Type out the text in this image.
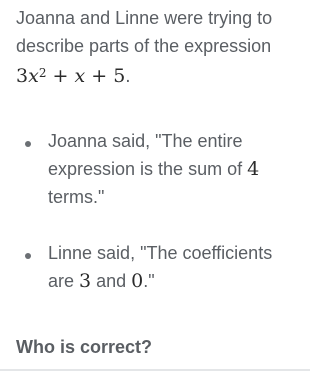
Joanna and Linne were trying to describe parts of the expression
$3x^2 + x + 5$.
Joanna said, "The entire expression is the sum of 4 terms."
Linne said, "The coefficients are 3 and 0."
Who is correct?
